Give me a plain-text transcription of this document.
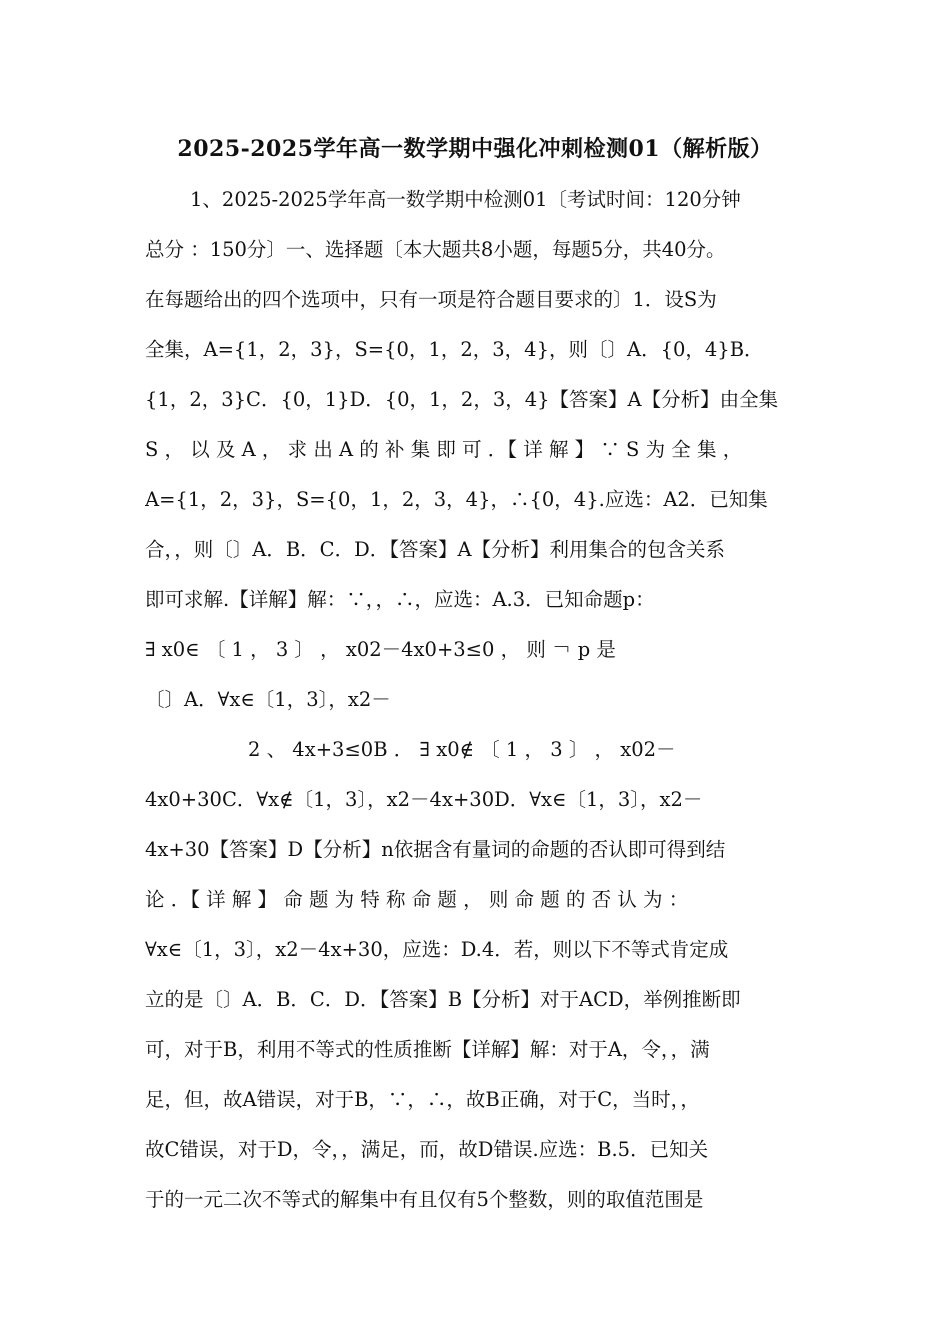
2025-2025学年高一数学期中强化冲刺检测01（解析版）
1、2025-2025学年高一数学期中检测01〔考试时间：120分钟
总分 ：150分〕一、选择题〔本大题共8小题，每题5分，共40分。
在每题给出的四个选项中，只有一项是符合题目要求的〕1．设S为
全集，A={1，2，3}，S={0，1，2，3，4}，则〔〕A．{0，4}B．
{1，2，3}C．{0，1}D．{0，1，2，3，4}【答案】A【分析】由全集
S ， 以 及 A ， 求 出 A 的 补 集 即 可 ．【 详 解 】 ∵ S 为 全 集 ，
A={1，2，3}，S={0，1，2，3，4}，∴{0，4}.应选：A2．已知集
合，，则〔〕A．B．C．D．【答案】A【分析】利用集合的包含关系
即可求解.【详解】解：∵，，∴，应选：A.3．已知命题p：
∃ x0∈ 〔 1 ， 3 〕 ， x02－4x0+3≤0 ， 则 ￢ p 是
〔〕A．∀x∈〔1，3〕，x2－
2 、 4x+3≤0B ． ∃ x0∉ 〔 1 ， 3 〕 ， x02－
4x0+30C．∀x∉〔1，3〕，x2－4x+30D．∀x∈〔1，3〕，x2－
4x+30【答案】D【分析】n依据含有量词的命题的否认即可得到结
论 ．【 详 解 】 命 题 为 特 称 命 题 ， 则 命 题 的 否 认 为 ：
∀x∈〔1，3〕，x2－4x+30，应选：D.4．若，则以下不等式肯定成
立的是〔〕A．B．C．D．【答案】B【分析】对于ACD，举例推断即
可，对于B，利用不等式的性质推断【详解】解：对于A，令，，满
足，但，故A错误，对于B，∵，∴，故B正确，对于C，当时，，
故C错误，对于D，令，，满足，而，故D错误.应选：B.5．已知关
于的一元二次不等式的解集中有且仅有5个整数，则的取值范围是
